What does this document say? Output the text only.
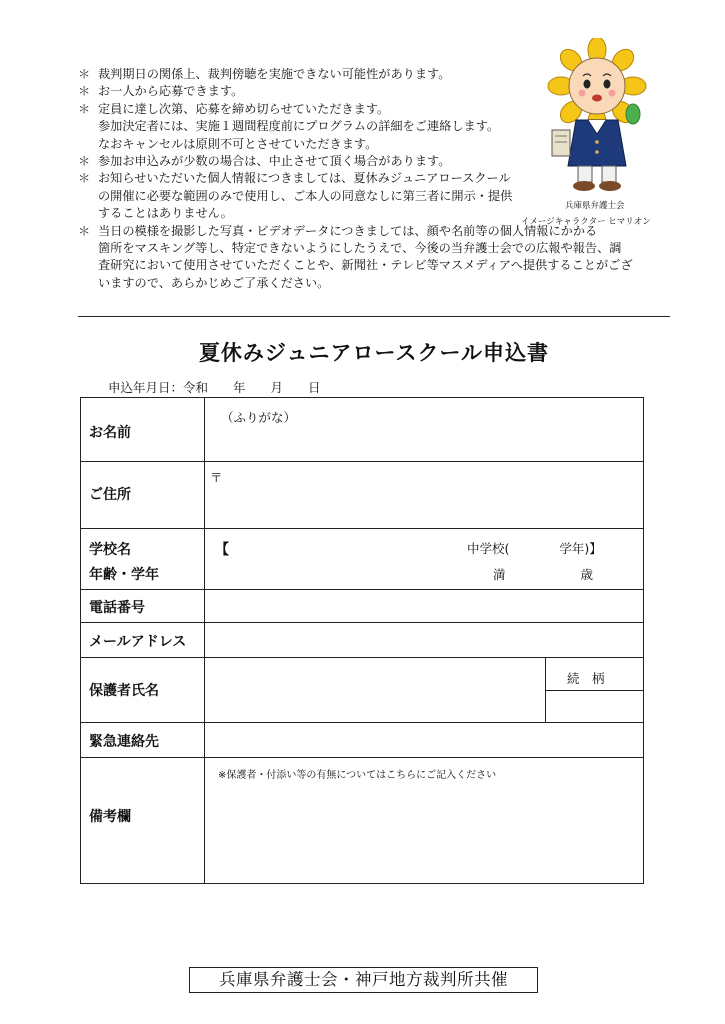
＊ 裁判期日の関係上、裁判傍聴を実施できない可能性があります。
＊ お一人から応募できます。
＊ 定員に達し次第、応募を締め切らせていただきます。
参加決定者には、実施１週間程度前にプログラムの詳細をご連絡します。
なおキャンセルは原則不可とさせていただきます。
＊ 参加お申込みが少数の場合は、中止させて頂く場合があります。
＊ お知らせいただいた個人情報につきましては、夏休みジュニアロースクール
の開催に必要な範囲のみで使用し、ご本人の同意なしに第三者に開示・提供
することはありません。
＊ 当日の模様を撮影した写真・ビデオデータにつきましては、顔や名前等の個人情報にかかる
箇所をマスキング等し、特定できないようにしたうえで、今後の当弁護士会での広報や報告、調
査研究において使用させていただくことや、新聞社・テレビ等マスメディアへ提供することがござ
いますので、あらかじめご了承ください。
兵庫県弁護士会
イメージキャラクター ヒマリオン
夏休みジュニアロースクール申込書
申込年月日：令和　　年　　月　　日
お名前
（ふりがな）
ご住所
〒
学校名
年齢・学年
【	中学校(　　　　学年)】
満　　　　　　歳
電話番号
メールアドレス
保護者氏名
続　柄
緊急連絡先
備考欄
※保護者・付添い等の有無についてはこちらにご記入ください
兵庫県弁護士会・神戸地方裁判所共催
